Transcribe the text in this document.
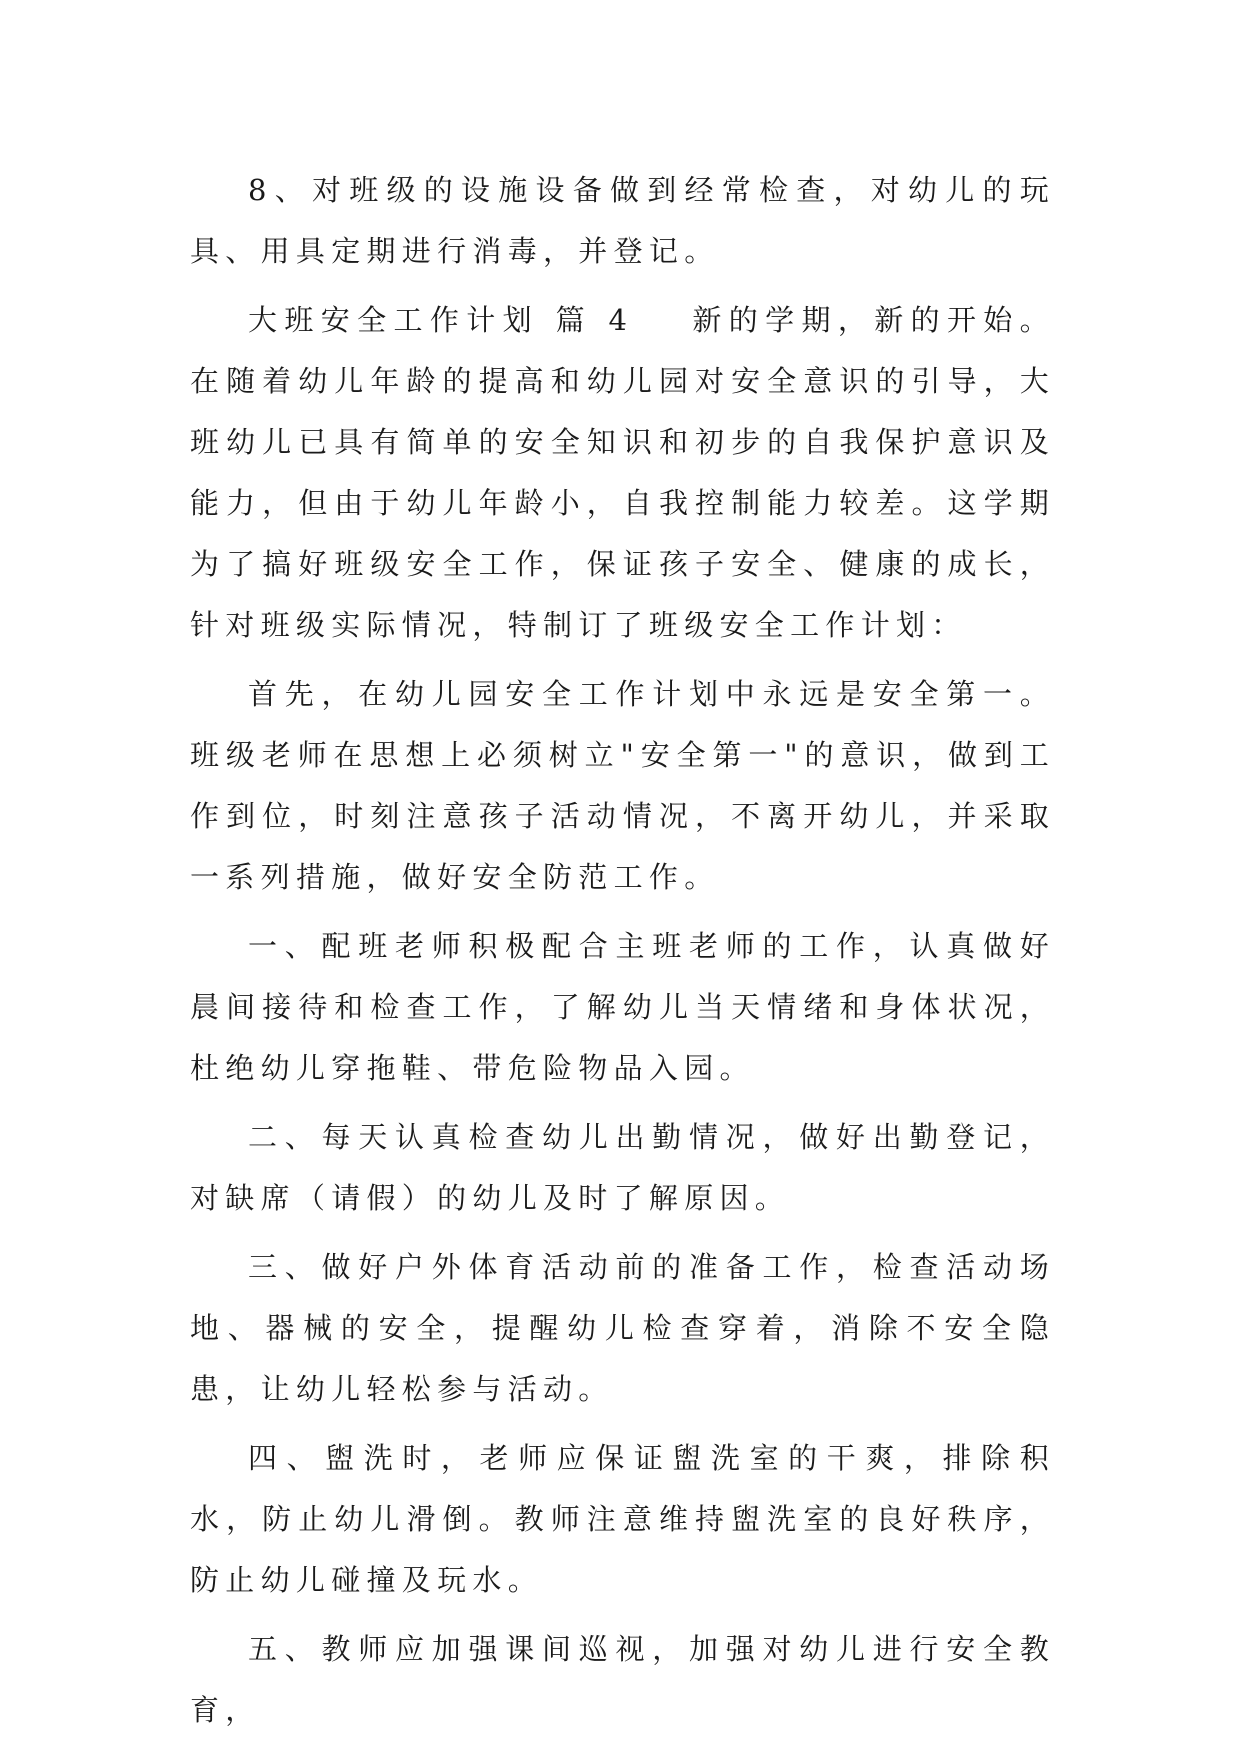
8、对班级的设施设备做到经常检查，对幼儿的玩具、用具定期进行消毒，并登记。

大班安全工作计划 篇 4 新的学期，新的开始。在随着幼儿年龄的提高和幼儿园对安全意识的引导，大班幼儿已具有简单的安全知识和初步的自我保护意识及能力，但由于幼儿年龄小，自我控制能力较差。这学期为了搞好班级安全工作，保证孩子安全、健康的成长，针对班级实际情况，特制订了班级安全工作计划：

首先，在幼儿园安全工作计划中永远是安全第一。班级老师在思想上必须树立"安全第一"的意识，做到工作到位，时刻注意孩子活动情况，不离开幼儿，并采取一系列措施，做好安全防范工作。

一、配班老师积极配合主班老师的工作，认真做好晨间接待和检查工作，了解幼儿当天情绪和身体状况，杜绝幼儿穿拖鞋、带危险物品入园。

二、每天认真检查幼儿出勤情况，做好出勤登记，对缺席（请假）的幼儿及时了解原因。

三、做好户外体育活动前的准备工作，检查活动场地、器械的安全，提醒幼儿检查穿着，消除不安全隐患，让幼儿轻松参与活动。

四、盥洗时，老师应保证盥洗室的干爽，排除积水，防止幼儿滑倒。教师注意维持盥洗室的良好秩序，防止幼儿碰撞及玩水。

五、教师应加强课间巡视，加强对幼儿进行安全教育，
